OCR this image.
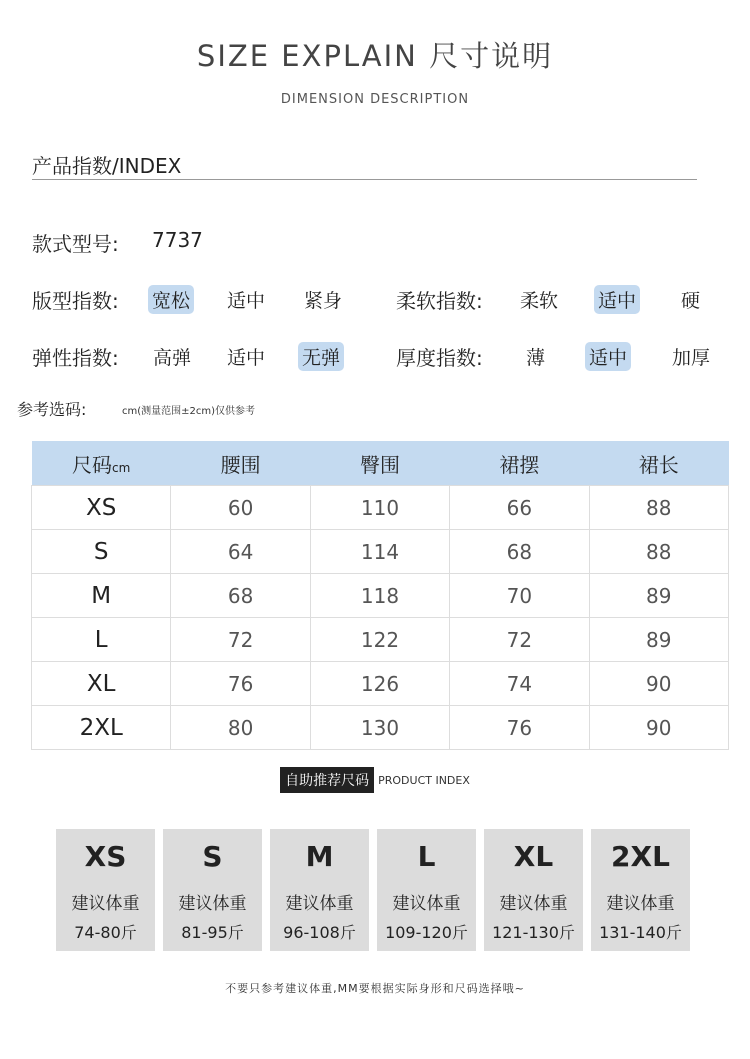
SIZE EXPLAIN 尺寸说明
DIMENSION DESCRIPTION
产品指数/INDEX
款式型号: 7737
版型指数: 宽松 适中 紧身	柔软指数: 柔软 适中 硬
弹性指数: 高弹 适中 无弹	厚度指数: 薄 适中 加厚
参考选码:	cm(测量范围±2cm)仅供参考
尺码cm	腰围	臀围	裙摆	裙长
XS	60	110	66	88
S	64	114	68	88
M	68	118	70	89
L	72	122	72	89
XL	76	126	74	90
2XL	80	130	76	90
自助推荐尺码 PRODUCT INDEX
XS
建议体重
74-80斤
S
建议体重
81-95斤
M
建议体重
96-108斤
L
建议体重
109-120斤
XL
建议体重
121-130斤
2XL
建议体重
131-140斤
不要只参考建议体重,MM要根据实际身形和尺码选择哦~
